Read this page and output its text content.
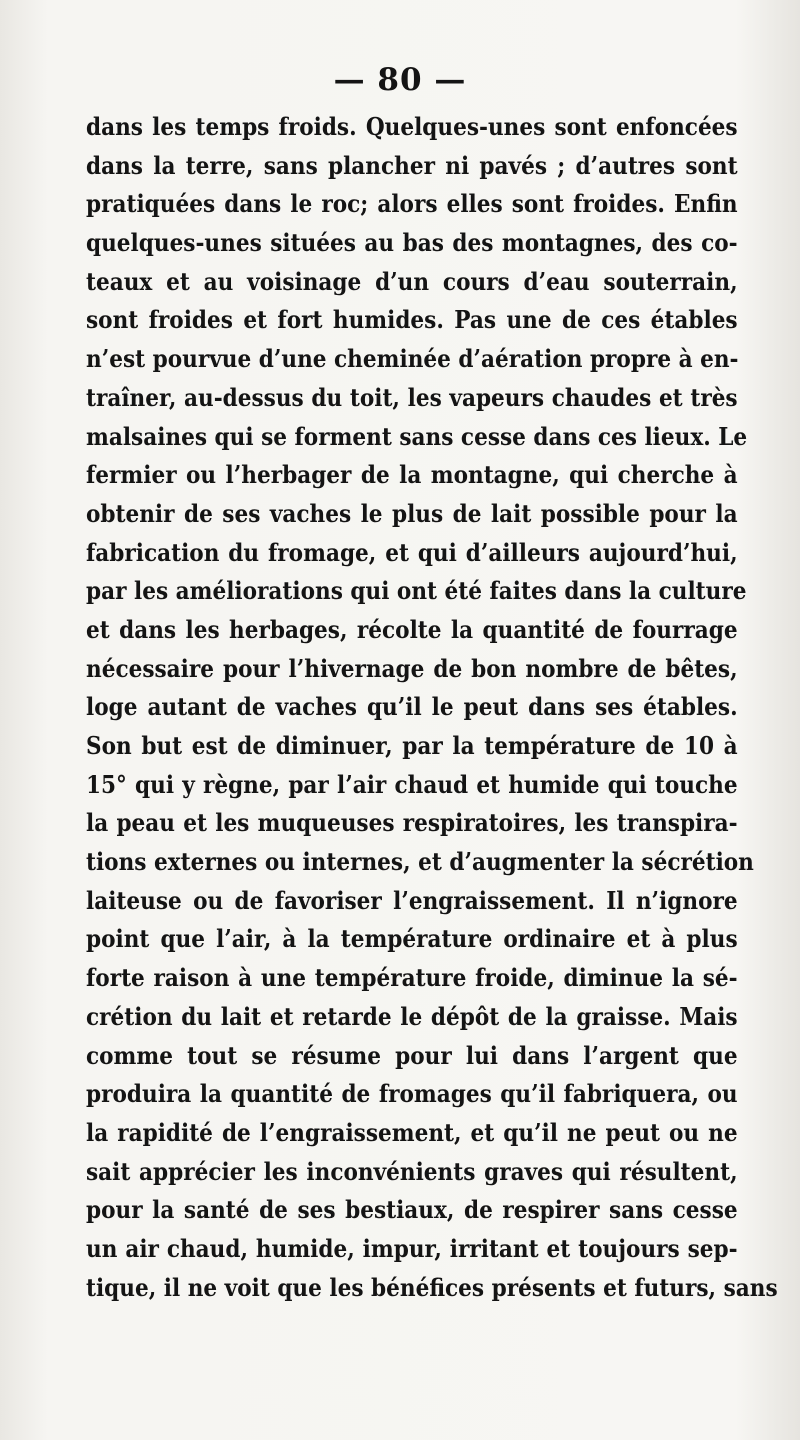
— 80 —
dans les temps froids. Quelques-unes sont enfoncées
dans la terre, sans plancher ni pavés ; d’autres sont
pratiquées dans le roc; alors elles sont froides. Enfin
quelques-unes situées au bas des montagnes, des co-
teaux et au voisinage d’un cours d’eau souterrain,
sont froides et fort humides. Pas une de ces étables
n’est pourvue d’une cheminée d’aération propre à en-
traîner, au-dessus du toit, les vapeurs chaudes et très
malsaines qui se forment sans cesse dans ces lieux. Le
fermier ou l’herbager de la montagne, qui cherche à
obtenir de ses vaches le plus de lait possible pour la
fabrication du fromage, et qui d’ailleurs aujourd’hui,
par les améliorations qui ont été faites dans la culture
et dans les herbages, récolte la quantité de fourrage
nécessaire pour l’hivernage de bon nombre de bêtes,
loge autant de vaches qu’il le peut dans ses étables.
Son but est de diminuer, par la température de 10 à
15° qui y règne, par l’air chaud et humide qui touche
la peau et les muqueuses respiratoires, les transpira-
tions externes ou internes, et d’augmenter la sécrétion
laiteuse ou de favoriser l’engraissement. Il n’ignore
point que l’air, à la température ordinaire et à plus
forte raison à une température froide, diminue la sé-
crétion du lait et retarde le dépôt de la graisse. Mais
comme tout se résume pour lui dans l’argent que
produira la quantité de fromages qu’il fabriquera, ou
la rapidité de l’engraissement, et qu’il ne peut ou ne
sait apprécier les inconvénients graves qui résultent,
pour la santé de ses bestiaux, de respirer sans cesse
un air chaud, humide, impur, irritant et toujours sep-
tique, il ne voit que les bénéfices présents et futurs, sans
